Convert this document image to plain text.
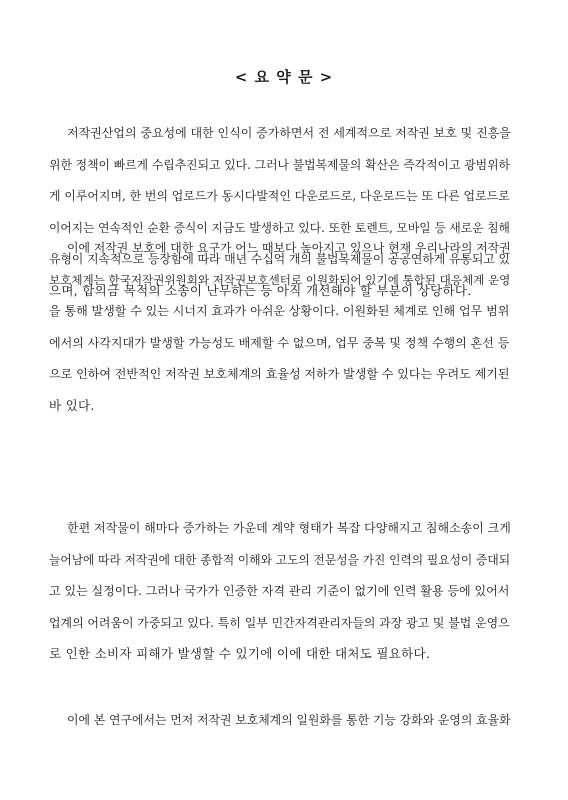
< 요 약 문 >
저작권산업의 중요성에 대한 인식이 증가하면서 전 세계적으로 저작권 보호 및 진흥을
위한 정책이 빠르게 수립추진되고 있다. 그러나 불법복제물의 확산은 즉각적이고 광범위하
게 이루어지며, 한 번의 업로드가 동시다발적인 다운로드로, 다운로드는 또 다른 업로드로
이어지는 연속적인 순환 증식이 지금도 발생하고 있다. 또한 토렌트, 모바일 등 새로운 침해
유형이 지속적으로 등장함에 따라 매년 수십억 개의 불법복제물이 공공연하게 유통되고 있
으며, 합의금 목적의 소송이 난무하는 등 아직 개선해야 할 부분이 상당하다.
이에 저작권 보호에 대한 요구가 어느 때보다 높아지고 있으나 현재 우리나라의 저작권
보호체계는 한국저작권위원회와 저작권보호센터로 이원화되어 있기에 통합된 대응체계 운영
을 통해 발생할 수 있는 시너지 효과가 아쉬운 상황이다. 이원화된 체계로 인해 업무 범위
에서의 사각지대가 발생할 가능성도 배제할 수 없으며, 업무 중복 및 정책 수행의 혼선 등
으로 인하여 전반적인 저작권 보호체계의 효율성 저하가 발생할 수 있다는 우려도 제기된
바 있다.
한편 저작물이 해마다 증가하는 가운데 계약 형태가 복잡 다양해지고 침해소송이 크게
늘어남에 따라 저작권에 대한 종합적 이해와 고도의 전문성을 가진 인력의 필요성이 증대되
고 있는 실정이다. 그러나 국가가 인증한 자격 관리 기준이 없기에 인력 활용 등에 있어서
업계의 어려움이 가중되고 있다. 특히 일부 민간자격관리자들의 과장 광고 및 불법 운영으
로 인한 소비자 피해가 발생할 수 있기에 이에 대한 대처도 필요하다.
이에 본 연구에서는 먼저 저작권 보호체계의 일원화를 통한 기능 강화와 운영의 효율화
